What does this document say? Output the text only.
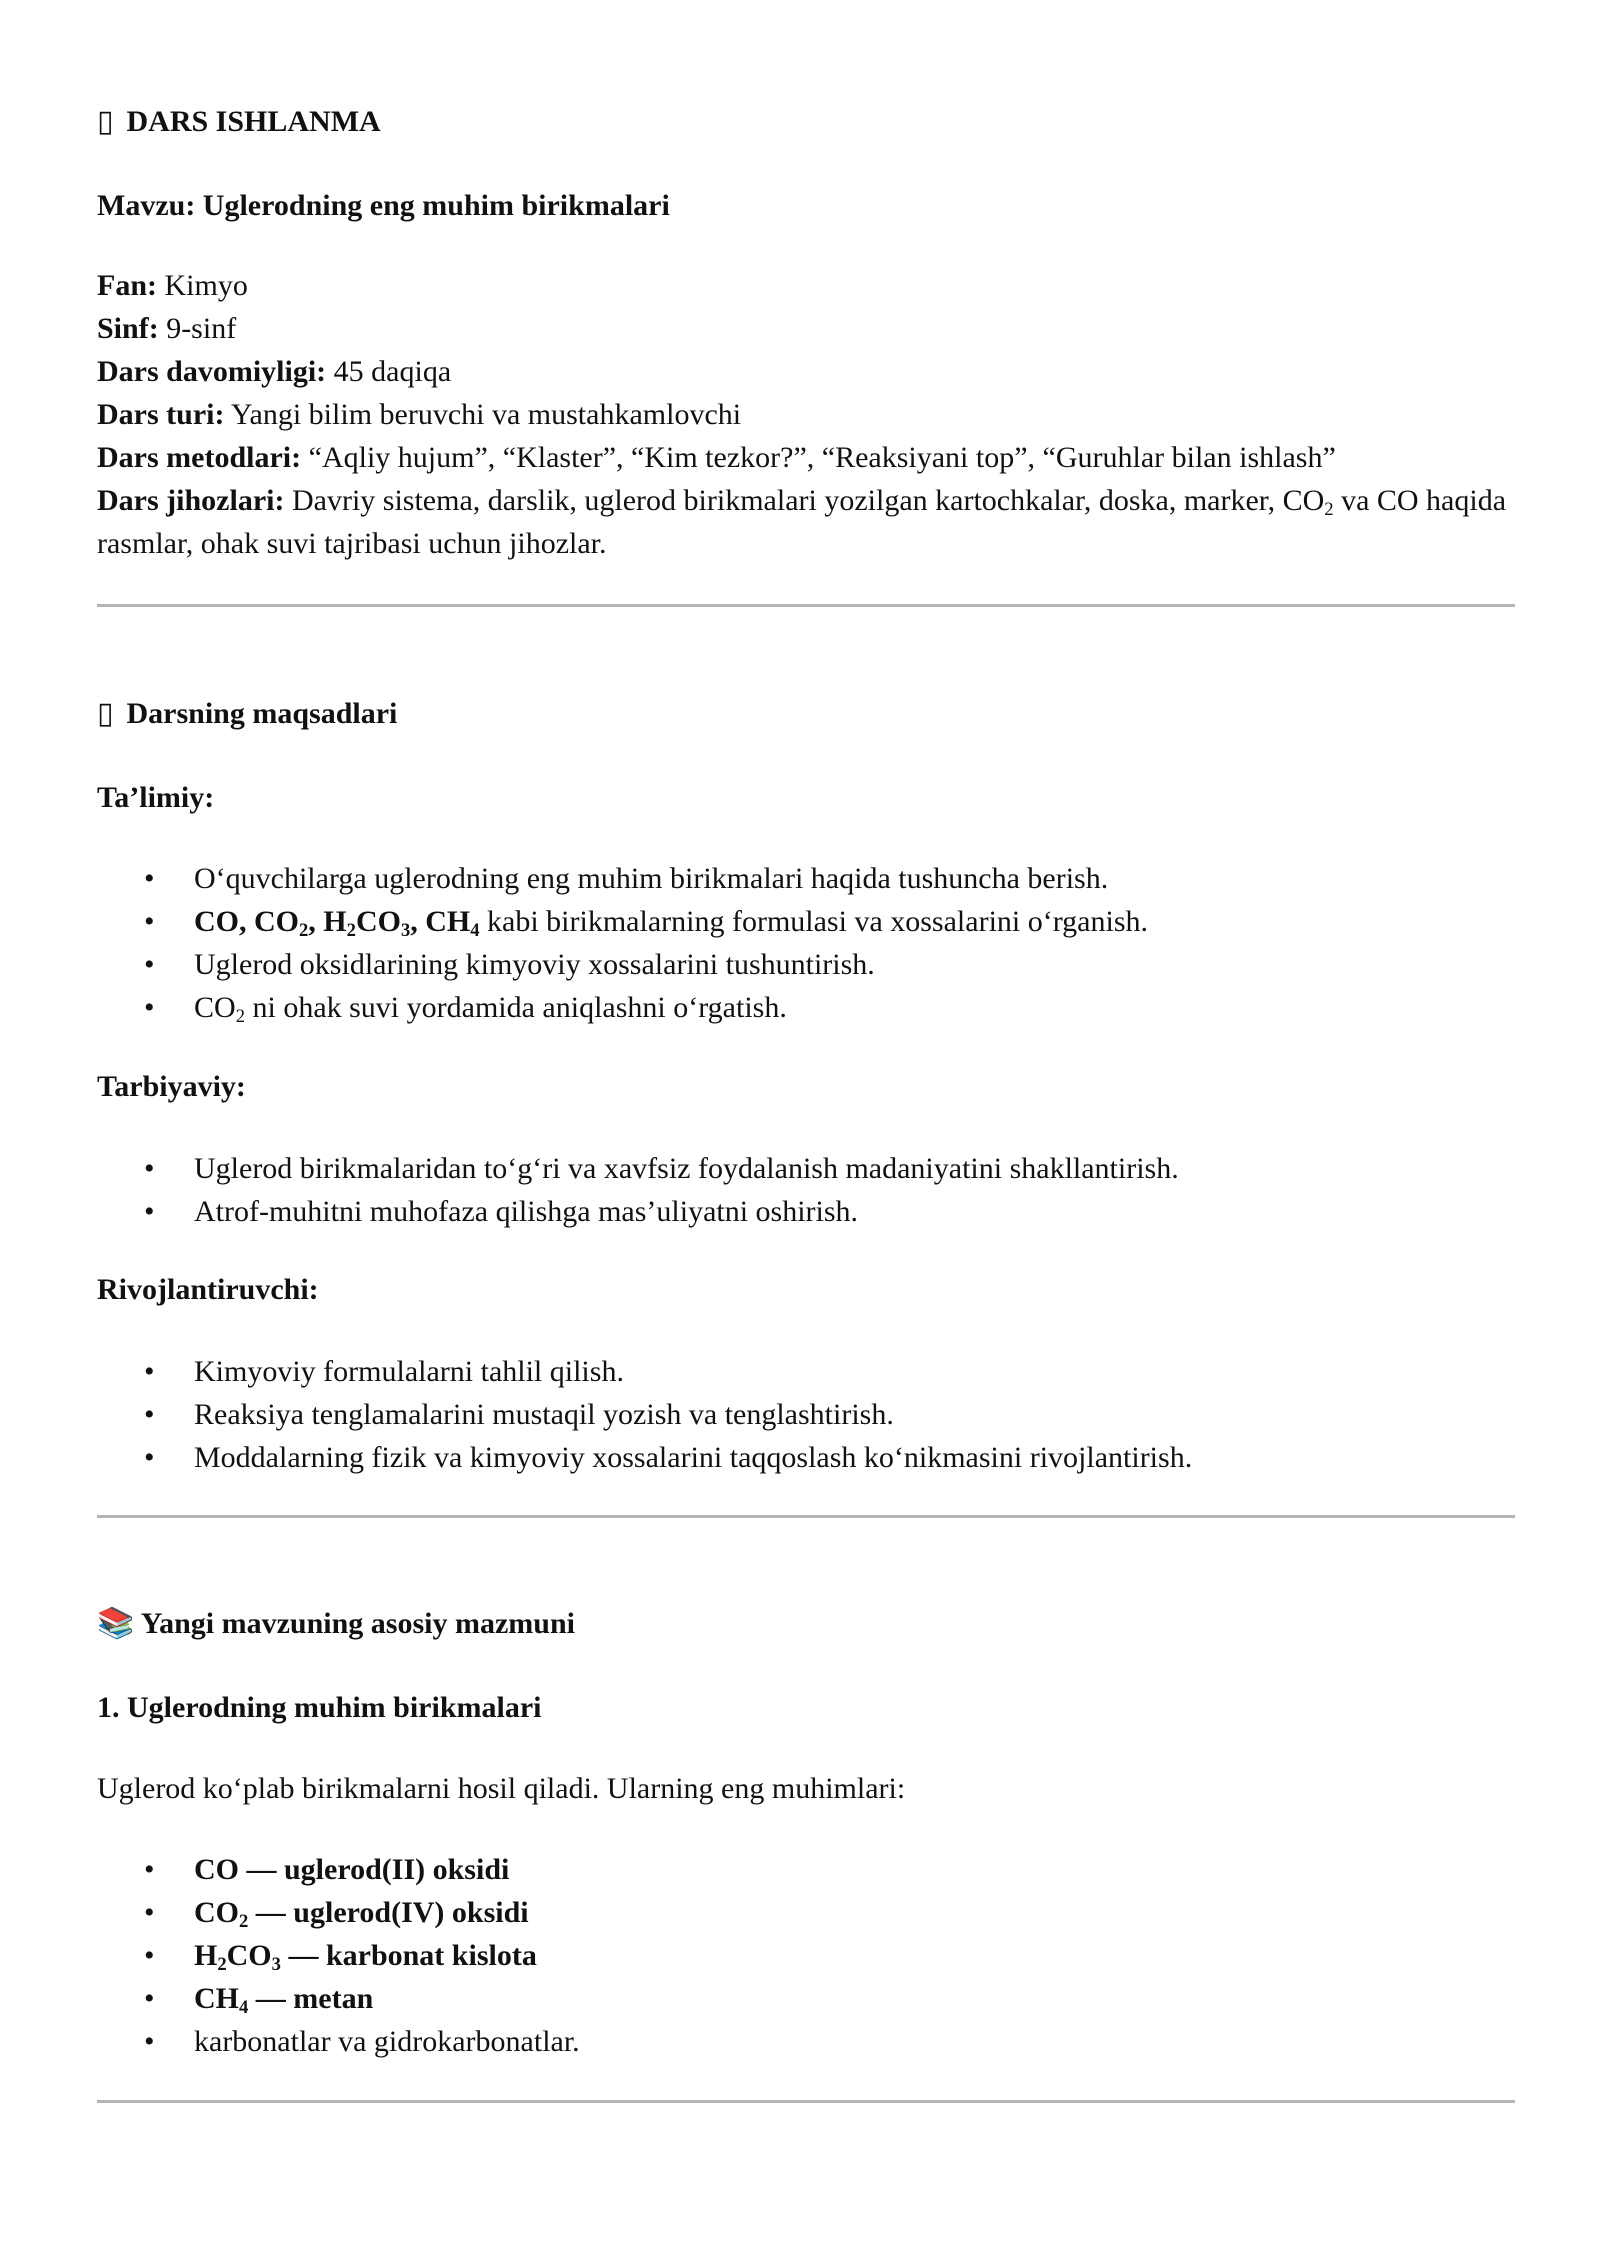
▯ DARS ISHLANMA
Mavzu: Uglerodning eng muhim birikmalari
Fan: Kimyo
Sinf: 9-sinf
Dars davomiyligi: 45 daqiqa
Dars turi: Yangi bilim beruvchi va mustahkamlovchi
Dars metodlari: “Aqliy hujum”, “Klaster”, “Kim tezkor?”, “Reaksiyani top”, “Guruhlar bilan ishlash”
Dars jihozlari: Davriy sistema, darslik, uglerod birikmalari yozilgan kartochkalar, doska, marker, $CO_2$ va CO haqida rasmlar, ohak suvi tajribasi uchun jihozlar.
▯ Darsning maqsadlari
Ta’limiy:
• O‘quvchilarga uglerodning eng muhim birikmalari haqida tushuncha berish.
• CO, $CO_2$, $H_2CO_3$, $CH_4$ kabi birikmalarning formulasi va xossalarini o‘rganish.
• Uglerod oksidlarining kimyoviy xossalarini tushuntirish.
• $CO_2$ ni ohak suvi yordamida aniqlashni o‘rgatish.
Tarbiyaviy:
• Uglerod birikmalaridan to‘g‘ri va xavfsiz foydalanish madaniyatini shakllantirish.
• Atrof-muhitni muhofaza qilishga mas’uliyatni oshirish.
Rivojlantiruvchi:
• Kimyoviy formulalarni tahlil qilish.
• Reaksiya tenglamalarini mustaqil yozish va tenglashtirish.
• Moddalarning fizik va kimyoviy xossalarini taqqoslash ko‘nikmasini rivojlantirish.
📚 Yangi mavzuning asosiy mazmuni
1. Uglerodning muhim birikmalari
Uglerod ko‘plab birikmalarni hosil qiladi. Ularning eng muhimlari:
• CO — uglerod(II) oksidi
• $CO_2$ — uglerod(IV) oksidi
• $H_2CO_3$ — karbonat kislota
• $CH_4$ — metan
• karbonatlar va gidrokarbonatlar.
